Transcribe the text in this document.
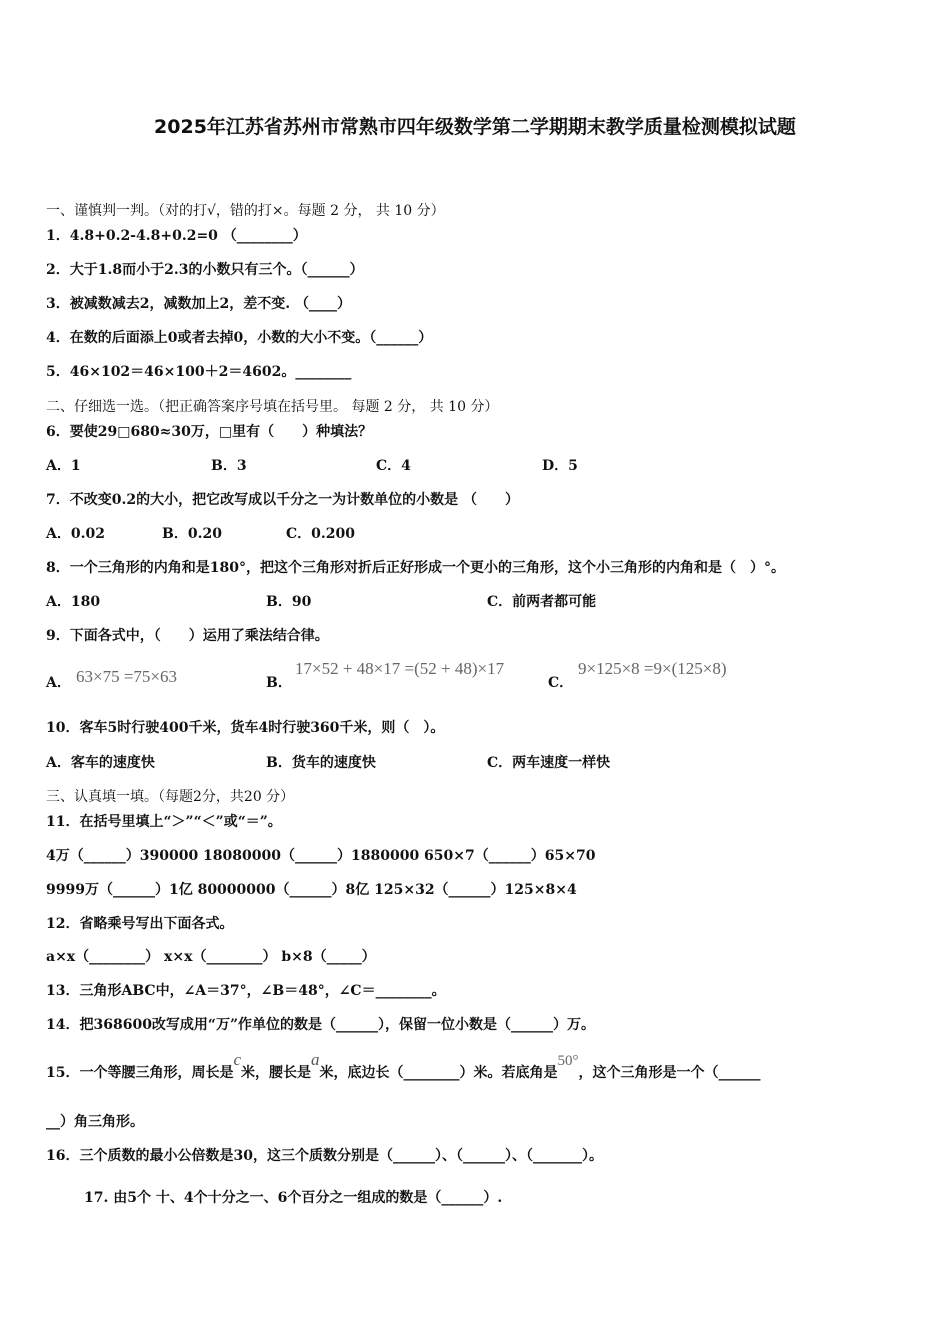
2025年江苏省苏州市常熟市四年级数学第二学期期末教学质量检测模拟试题
一、谨慎判一判。（对的打√，错的打×。每题 2 分， 共 10 分）
1．4.8+0.2-4.8+0.2=0 （________）
2．大于1.8而小于2.3的小数只有三个。（______）
3．被减数减去2，减数加上2，差不变. （____）
4．在数的后面添上0或者去掉0，小数的大小不变。（______）
5．46×102＝46×100＋2＝4602。________
二、仔细选一选。（把正确答案序号填在括号里。 每题 2 分， 共 10 分）
6．要使29□680≈30万，□里有（　　）种填法？
A．1	B．3	C．4	D．5
7．不改变0.2的大小，把它改写成以千分之一为计数单位的小数是 （　　）
A．0.02	B．0.20	C．0.200
8．一个三角形的内角和是180°，把这个三角形对折后正好形成一个更小的三角形，这个小三角形的内角和是（　）°。
A．180	B．90	C．前两者都可能
9．下面各式中，（　　）运用了乘法结合律。
A． 63×75 =75×63	B．
17×52 + 48×17 =(52 + 48)×17
C．
9×125×8 =9×(125×8)
10．客车5时行驶400千米，货车4时行驶360千米，则（　）。
A．客车的速度快	B．货车的速度快	C．两车速度一样快
三、认真填一填。（每题2分，共20 分）
11．在括号里填上“＞”“＜”或“＝”。
4万（______）390000 18080000（______）1880000 650×7（______）65×70
9999万（______）1亿 80000000（______）8亿 125×32（______）125×8×4
12．省略乘号写出下面各式。
a×x（________） x×x（________） b×8（_____）
13．三角形ABC中，∠A＝37°，∠B＝48°，∠C＝________。
14．把368600改写成用“万”作单位的数是（______），保留一位小数是（______）万。
15．一个等腰三角形，周长是c米，腰长是a米，底边长（________）米。若底角是50°，这个三角形是一个（______
__）角三角形。
16．三个质数的最小公倍数是30，这三个质数分别是（______）、（______）、（_______）。
17. 由5个 十、4个十分之一、6个百分之一组成的数是（______）.
